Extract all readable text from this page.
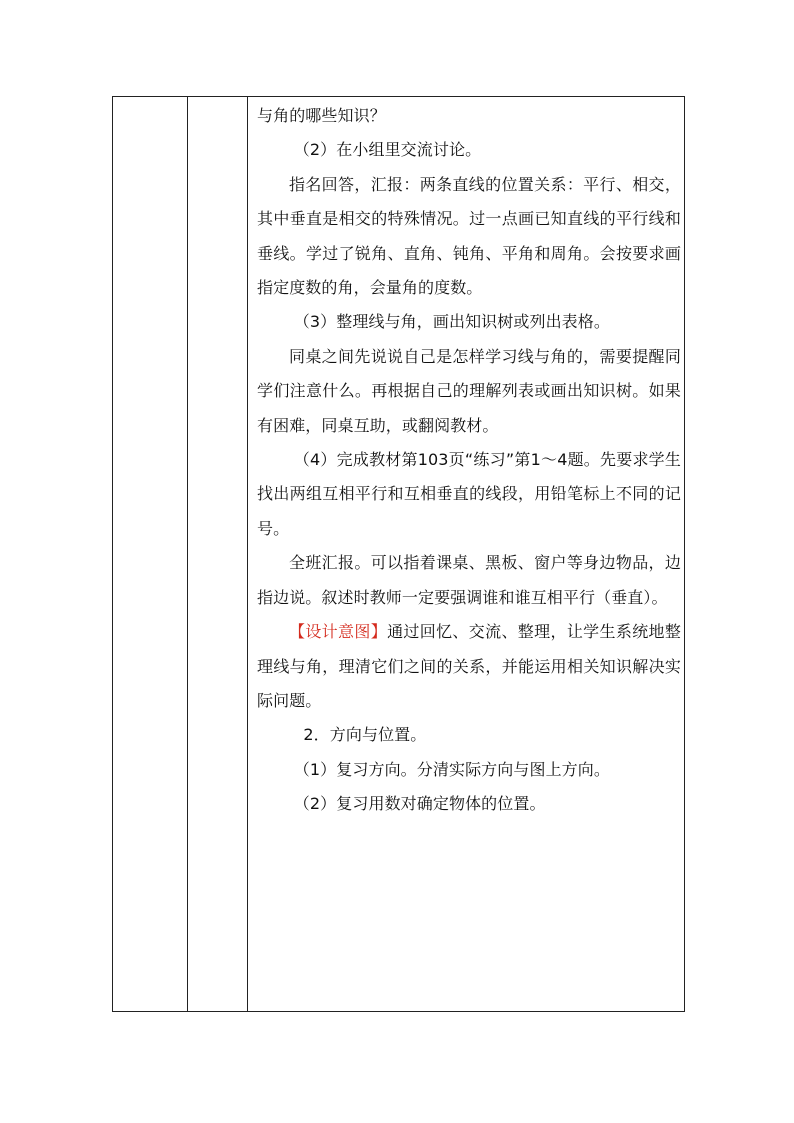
与角的哪些知识？

（2）在小组里交流讨论。

指名回答，汇报：两条直线的位置关系：平行、相交，其中垂直是相交的特殊情况。过一点画已知直线的平行线和垂线。学过了锐角、直角、钝角、平角和周角。会按要求画指定度数的角，会量角的度数。

（3）整理线与角，画出知识树或列出表格。

同桌之间先说说自己是怎样学习线与角的，需要提醒同学们注意什么。再根据自己的理解列表或画出知识树。如果有困难，同桌互助，或翻阅教材。

（4）完成教材第103页“练习”第1～4题。先要求学生找出两组互相平行和互相垂直的线段，用铅笔标上不同的记号。

全班汇报。可以指着课桌、黑板、窗户等身边物品，边指边说。叙述时教师一定要强调谁和谁互相平行（垂直）。

【设计意图】通过回忆、交流、整理，让学生系统地整理线与角，理清它们之间的关系，并能运用相关知识解决实际问题。

2．方向与位置。

（1）复习方向。分清实际方向与图上方向。

（2）复习用数对确定物体的位置。
